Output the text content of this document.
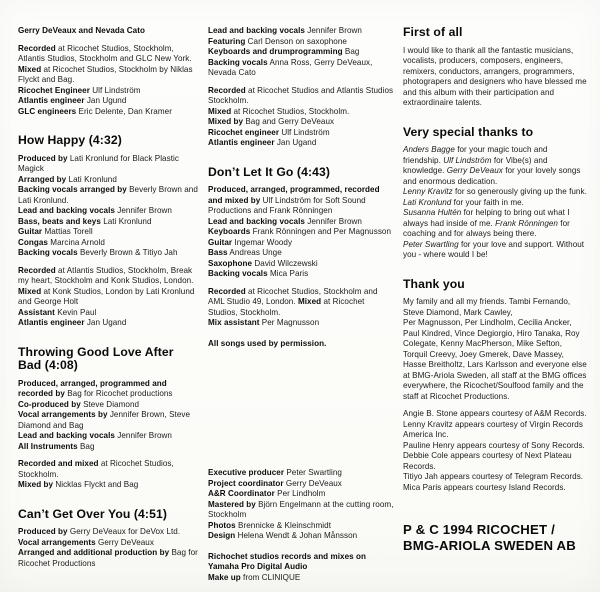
Gerry DeVeaux and Nevada Cato
Recorded at Ricochet Studios, Stockholm, Atlantis Studios, Stockholm and GLC New York.
Mixed at Ricochet Studios, Stockholm by Niklas Flyckt and Bag.
Ricochet Engineer Ulf Lindström
Atlantis engineer Jan Ugund
GLC engineers Eric Delente, Dan Kramer
How Happy (4:32)
Produced by Lati Kronlund for Black Plastic Magick
Arranged by Lati Kronlund
Backing vocals arranged by Beverly Brown and Lati Kronlund.
Lead and backing vocals Jennifer Brown
Bass, beats and keys Lati Kronlund
Guitar Mattias Torell
Congas Marcina Arnold
Backing vocals Beverly Brown & Titiyo Jah
Recorded at Atlantis Studios, Stockholm, Break my heart, Stockholm and Konk Studios, London. Mixed at Konk Studios, London by Lati Kronlund and George Holt
Assistant Kevin Paul
Atlantis engineer Jan Ugand
Throwing Good Love After Bad (4:08)
Produced, arranged, programmed and recorded by Bag for Ricochet productions
Co-produced by Steve Diamond
Vocal arrangements by Jennifer Brown, Steve Diamond and Bag
Lead and backing vocals Jennifer Brown
All Instruments Bag
Recorded and mixed at Ricochet Studios, Stockholm.
Mixed by Nicklas Flyckt and Bag
Can’t Get Over You (4:51)
Produced by Gerry DeVeaux for DeVox Ltd.
Vocal arrangements Gerry DeVeaux
Arranged and additional production by Bag for Ricochet Productions
Lead and backing vocals Jennifer Brown
Featuring Carl Denson on saxophone
Keyboards and drumprogramming Bag
Backing vocals Anna Ross, Gerry DeVeaux, Nevada Cato
Recorded at Ricochet Studios and Atlantis Studios Stockholm.
Mixed at Ricochet Studios, Stockholm.
Mixed by Bag and Gerry DeVeaux
Ricochet engineer Ulf Lindström
Atlantis engineer Jan Ugand
Don’t Let It Go (4:43)
Produced, arranged, programmed, recorded and mixed by Ulf Lindström for Soft Sound Productions and Frank Rönningen
Lead and backing vocals Jennifer Brown
Keyboards Frank Rönningen and Per Magnusson
Guitar Ingemar Woody
Bass Andreas Unge
Saxophone David Wilczewski
Backing vocals Mica Paris
Recorded at Ricochet Studios, Stockholm and AML Studio 49, London. Mixed at Ricochet Studios, Stockholm.
Mix assistant Per Magnusson
All songs used by permission.
Executive producer Peter Swartling
Project coordinator Gerry DeVeaux
A&R Coordinator Per Lindholm
Mastered by Björn Engelmann at the cutting room, Stockholm
Photos Brennicke & Kleinschmidt
Design Helena Wendt & Johan Månsson
Richochet studios records and mixes on Yamaha Pro Digital Audio
Make up from CLINIQUE
First of all
I would like to thank all the fantastic musicians, vocalists, producers, composers, engineers, remixers, conductors, arrangers, programmers, photograpers and designers who have blessed me and this album with their participation and extraordinaire talents.
Very special thanks to
Anders Bagge for your magic touch and friendship. Ulf Lindström for Vibe(s) and knowledge. Gerry DeVeaux for your lovely songs and enormous dedication.
Lenny Kravitz for so generously giving up the funk. Lati Kronlund for your faith in me.
Susanna Hultén for helping to bring out what I always had inside of me. Frank Rönningen for coaching and for always being there.
Peter Swartling for your love and support. Without you - where would I be!
Thank you
My family and all my friends. Tambi Fernando, Steve Diamond, Mark Cawley,
Per Magnusson, Per Lindholm, Cecilia Ancker, Paul Kindred, Vince Degiorgio, Hiro Tanaka, Roy Colegate, Kenny MacPherson, Mike Sefton, Torquil Creevy, Joey Gmerek, Dave Massey, Hasse Breitholtz, Lars Karlsson and everyone else at BMG-Ariola Sweden, all staff at the BMG offices everywhere, the Ricochet/Soulfood family and the staff at Ricochet Productions.
Angie B. Stone appears courtesy of A&M Records.
Lenny Kravitz appears courtesy of Virgin Records America Inc.
Pauline Henry appears courtesy of Sony Records.
Debbie Cole appears courtesy of Next Plateau Records.
Titiyo Jah appears courtesy of Telegram Records.
Mica Paris appears courtesy Island Records.
P & C 1994 RICOCHET /
BMG-ARIOLA SWEDEN AB
